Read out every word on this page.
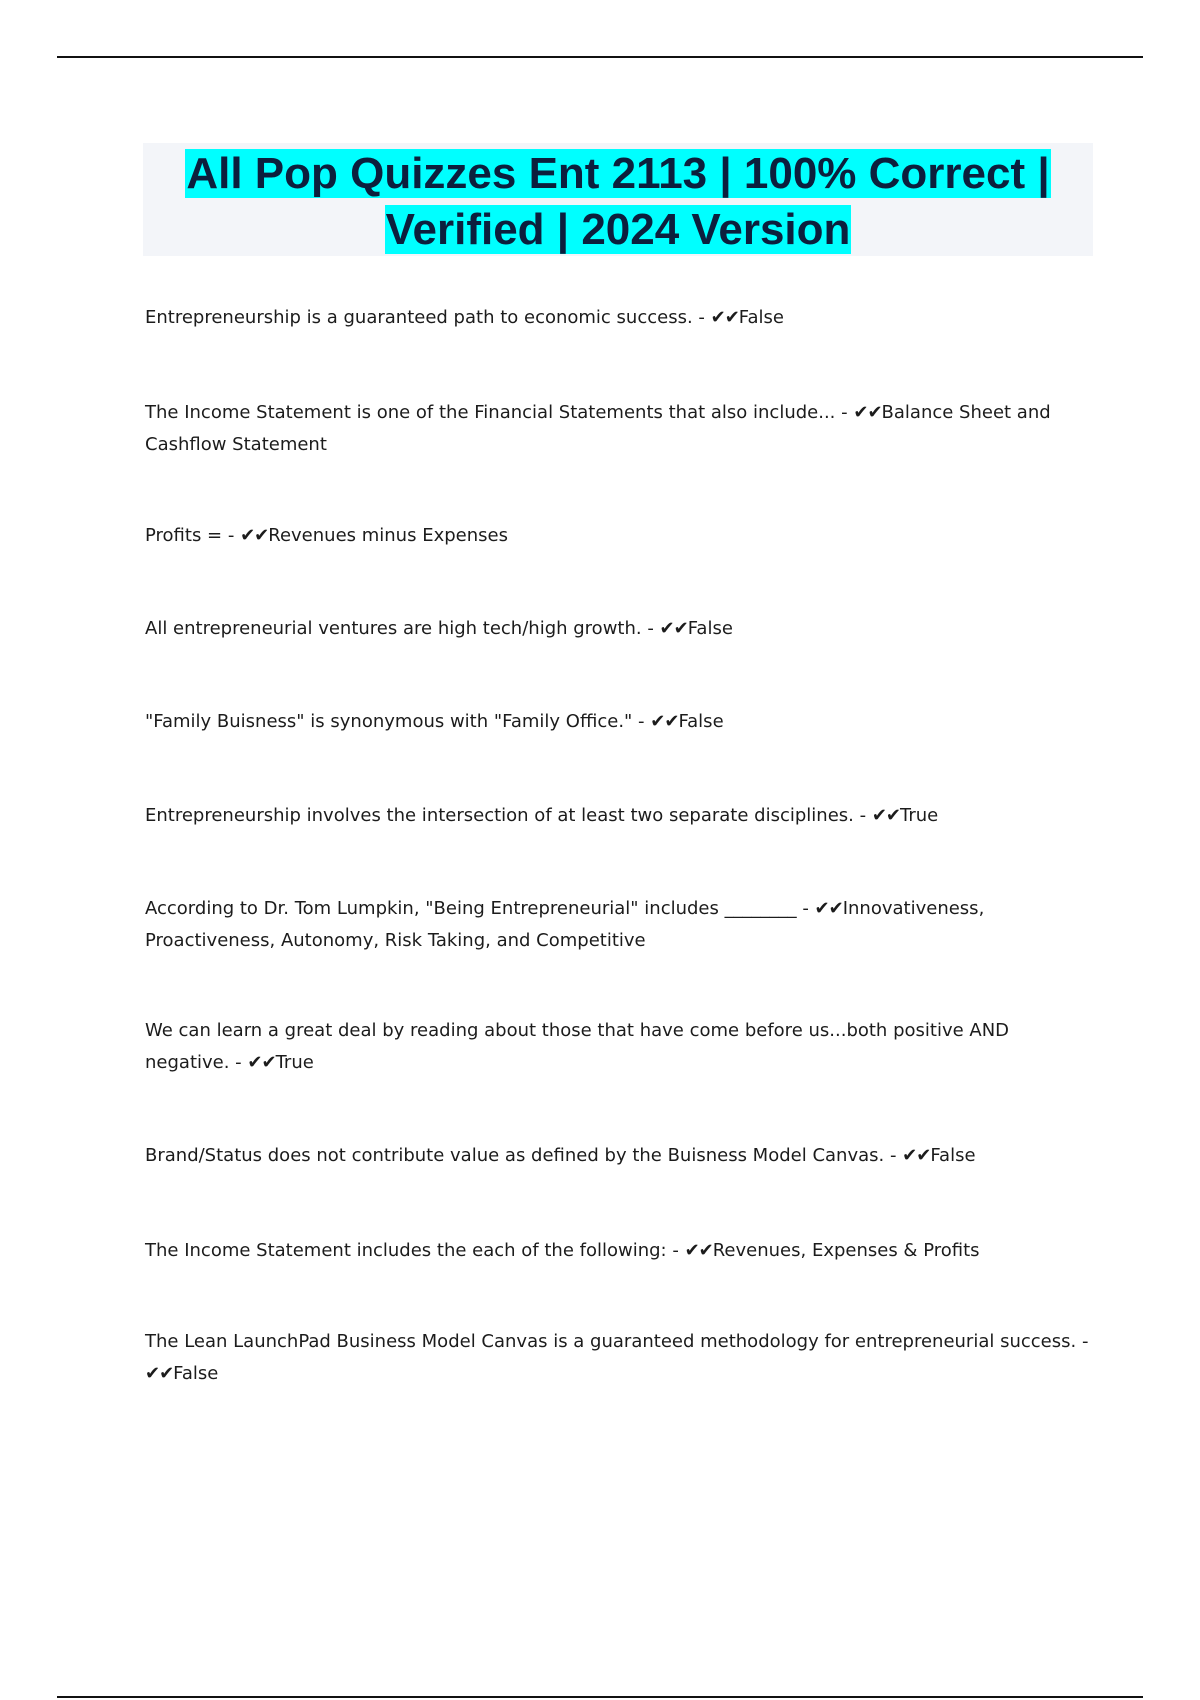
All Pop Quizzes Ent 2113 | 100% Correct | Verified | 2024 Version

Entrepreneurship is a guaranteed path to economic success. - ✔✔False

The Income Statement is one of the Financial Statements that also include... - ✔✔Balance Sheet and Cashflow Statement

Profits = - ✔✔Revenues minus Expenses

All entrepreneurial ventures are high tech/high growth. - ✔✔False

"Family Buisness" is synonymous with "Family Office." - ✔✔False

Entrepreneurship involves the intersection of at least two separate disciplines. - ✔✔True

According to Dr. Tom Lumpkin, "Being Entrepreneurial" includes ________ - ✔✔Innovativeness, Proactiveness, Autonomy, Risk Taking, and Competitive

We can learn a great deal by reading about those that have come before us...both positive AND negative. - ✔✔True

Brand/Status does not contribute value as defined by the Buisness Model Canvas. - ✔✔False

The Income Statement includes the each of the following: - ✔✔Revenues, Expenses & Profits

The Lean LaunchPad Business Model Canvas is a guaranteed methodology for entrepreneurial success. - ✔✔False
